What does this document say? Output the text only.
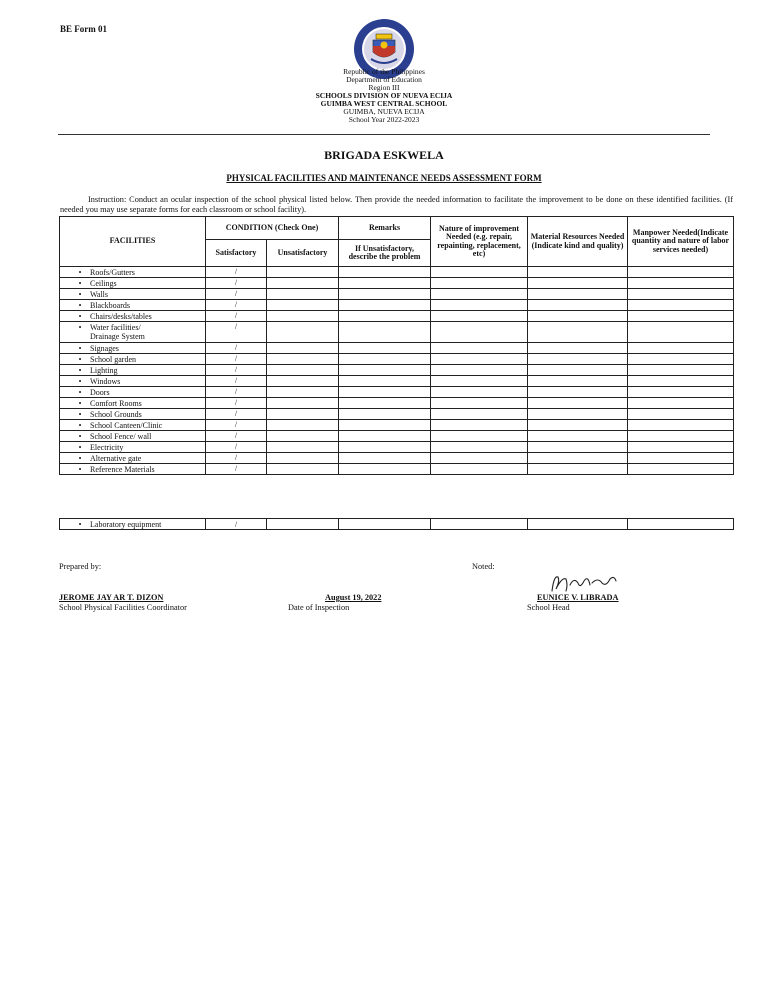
BE Form 01
Republic of the Philippines
Department of Education
Region III
SCHOOLS DIVISION OF NUEVA ECIJA
GUIMBA WEST CENTRAL SCHOOL
GUIMBA, NUEVA ECIJA
School Year 2022-2023
BRIGADA ESKWELA
PHYSICAL FACILITIES AND MAINTENANCE NEEDS ASSESSMENT FORM
Instruction: Conduct an ocular inspection of the school physical listed below. Then provide the needed information to facilitate the improvement to be done on these identified facilities. (If needed you may use separate forms for each classroom or school facility).
FACILITIES	CONDITION (Check One)		Remarks	Nature of improvement Needed (e.g. repair, repainting, replacement, etc)	Material Resources Needed (Indicate kind and quality)	Manpower Needed(Indicate quantity and nature of labor services needed)
	Satisfactory	Unsatisfactory	If Unsatisfactory, describe the problem			
• Roofs/Gutters	/					
• Ceilings	/					
• Walls	/					
• Blackboards	/					
• Chairs/desks/tables	/					
• Water facilities/
Drainage System	/					
• Signages	/					
• School garden	/					
• Lighting	/					
• Windows	/					
• Doors	/					
• Comfort Rooms	/					
• School Grounds	/					
• School Canteen/Clinic	/					
• School Fence/ wall	/					
• Electricity	/					
• Alternative gate	/					
• Reference Materials	/					
• Laboratory equipment	/					
Prepared by:	Noted:
JEROME JAY AR T. DIZON
School Physical Facilities Coordinator
August 19, 2022
Date of Inspection
EUNICE V. LIBRADA
School Head
